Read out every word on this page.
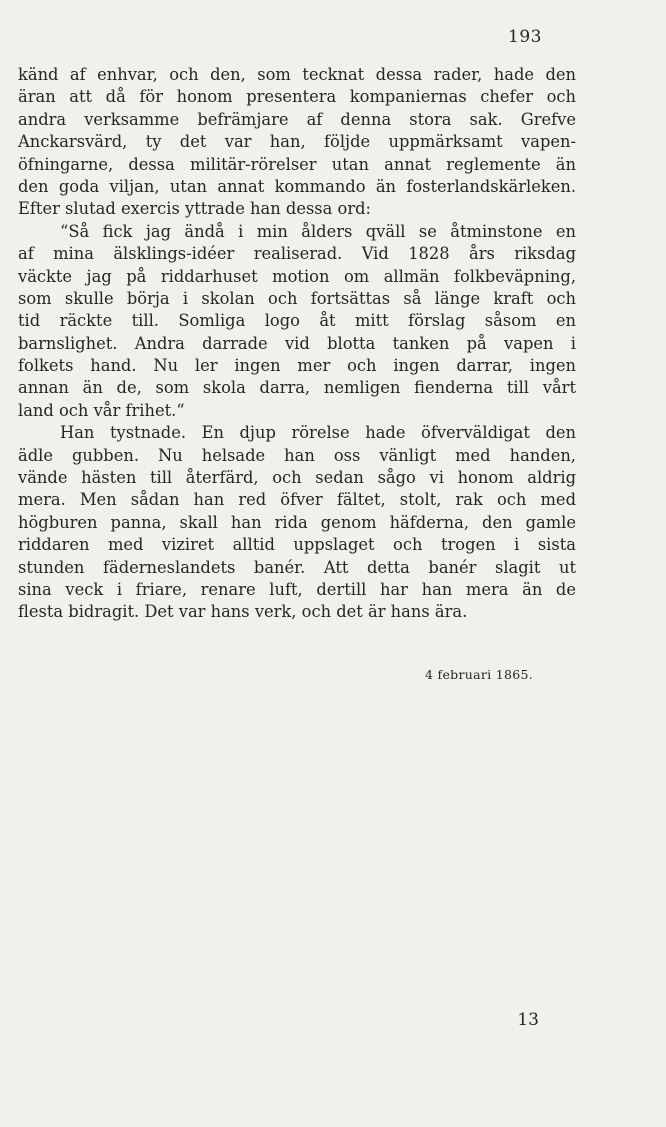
193
känd af enhvar, och den, som tecknat dessa rader, hade den
äran att då för honom presentera kompaniernas chefer och
andra verksamme befrämjare af denna stora sak. Grefve
Anckarsvärd, ty det var han, följde uppmärksamt vapen-
öfningarne, dessa militär-rörelser utan annat reglemente än
den goda viljan, utan annat kommando än fosterlandskärleken.
Efter slutad exercis yttrade han dessa ord:
“Så fick jag ändå i min ålders qväll se åtminstone en
af mina älsklings-idéer realiserad. Vid 1828 års riksdag
väckte jag på riddarhuset motion om allmän folkbeväpning,
som skulle börja i skolan och fortsättas så länge kraft och
tid räckte till. Somliga logo åt mitt förslag såsom en
barnslighet. Andra darrade vid blotta tanken på vapen i
folkets hand. Nu ler ingen mer och ingen darrar, ingen
annan än de, som skola darra, nemligen fienderna till vårt
land och vår frihet.“
Han tystnade. En djup rörelse hade öfverväldigat den
ädle gubben. Nu helsade han oss vänligt med handen,
vände hästen till återfärd, och sedan sågo vi honom aldrig
mera. Men sådan han red öfver fältet, stolt, rak och med
högburen panna, skall han rida genom häfderna, den gamle
riddaren med viziret alltid uppslaget och trogen i sista
stunden fäderneslandets banér. Att detta banér slagit ut
sina veck i friare, renare luft, dertill har han mera än de
flesta bidragit. Det var hans verk, och det är hans ära.
4 februari 1865.
13
